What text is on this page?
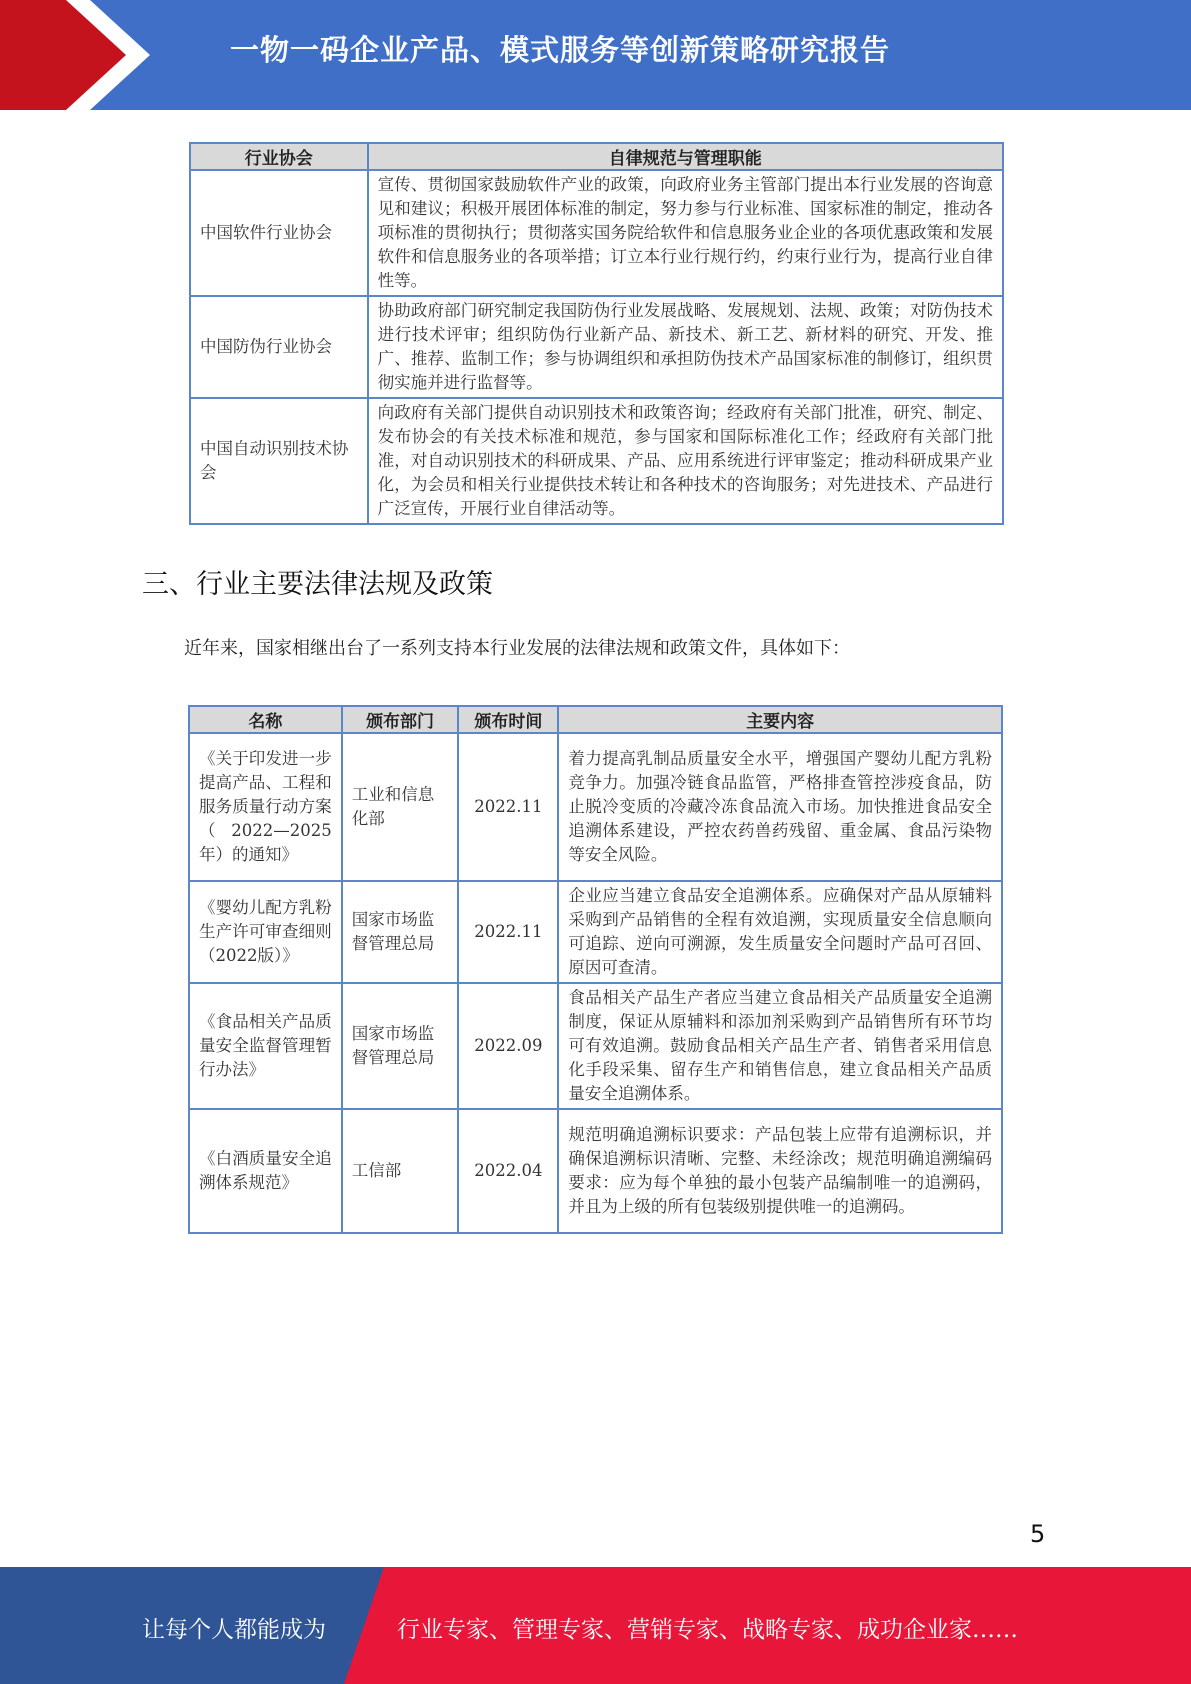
一物一码企业产品、模式服务等创新策略研究报告
行业协会	自律规范与管理职能
中国软件行业协会	宣传、贯彻国家鼓励软件产业的政策，向政府业务主管部门提出本行业发展的咨询意见和建议；积极开展团体标准的制定，努力参与行业标准、国家标准的制定，推动各项标准的贯彻执行；贯彻落实国务院给软件和信息服务业企业的各项优惠政策和发展软件和信息服务业的各项举措；订立本行业行规行约，约束行业行为，提高行业自律性等。
中国防伪行业协会	协助政府部门研究制定我国防伪行业发展战略、发展规划、法规、政策；对防伪技术进行技术评审；组织防伪行业新产品、新技术、新工艺、新材料的研究、开发、推广、推荐、监制工作；参与协调组织和承担防伪技术产品国家标准的制修订，组织贯彻实施并进行监督等。
中国自动识别技术协会	向政府有关部门提供自动识别技术和政策咨询；经政府有关部门批准，研究、制定、发布协会的有关技术标准和规范，参与国家和国际标准化工作；经政府有关部门批准，对自动识别技术的科研成果、产品、应用系统进行评审鉴定；推动科研成果产业化，为会员和相关行业提供技术转让和各种技术的咨询服务；对先进技术、产品进行广泛宣传，开展行业自律活动等。
三、行业主要法律法规及政策
近年来，国家相继出台了一系列支持本行业发展的法律法规和政策文件，具体如下：
名称	颁布部门	颁布时间	主要内容
《关于印发进一步提高产品、工程和服务质量行动方案（2022—2025年）的通知》	工业和信息化部	2022.11	着力提高乳制品质量安全水平，增强国产婴幼儿配方乳粉竞争力。加强冷链食品监管，严格排查管控涉疫食品，防止脱冷变质的冷藏冷冻食品流入市场。加快推进食品安全追溯体系建设，严控农药兽药残留、重金属、食品污染物等安全风险。
《婴幼儿配方乳粉生产许可审查细则（2022版）》	国家市场监督管理总局	2022.11	企业应当建立食品安全追溯体系。应确保对产品从原辅料采购到产品销售的全程有效追溯，实现质量安全信息顺向可追踪、逆向可溯源，发生质量安全问题时产品可召回、原因可查清。
《食品相关产品质量安全监督管理暂行办法》	国家市场监督管理总局	2022.09	食品相关产品生产者应当建立食品相关产品质量安全追溯制度，保证从原辅料和添加剂采购到产品销售所有环节均可有效追溯。鼓励食品相关产品生产者、销售者采用信息化手段采集、留存生产和销售信息，建立食品相关产品质量安全追溯体系。
《白酒质量安全追溯体系规范》	工信部	2022.04	规范明确追溯标识要求：产品包装上应带有追溯标识，并确保追溯标识清晰、完整、未经涂改；规范明确追溯编码要求：应为每个单独的最小包装产品编制唯一的追溯码，并且为上级的所有包装级别提供唯一的追溯码。
5
让每个人都能成为	行业专家、管理专家、营销专家、战略专家、成功企业家……
